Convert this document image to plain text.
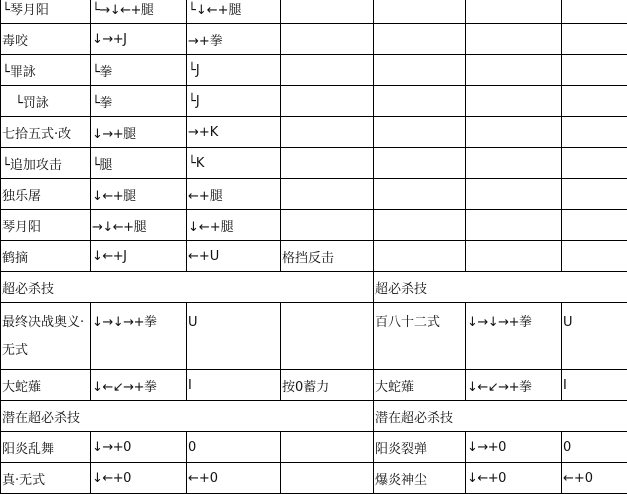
└琴月阳	└→↓←+腿	└↓←+腿				
毒咬	↓→+J	→+拳				
└罪詠	└拳	└J				
　└罚詠	└拳	└J				
七拾五式·改	↓→+腿	→+K				
└追加攻击	└腿	└K				
独乐屠	↓←+腿	←+腿				
琴月阳	→↓←+腿	↓←+腿				
鹤摘	↓←+J	←+U	格挡反击			
超必杀技				超必杀技		
最终决战奥义·无式	↓→↓→+拳	U		百八十二式	↓→↓→+拳	U
大蛇薙	↓←↙→+拳	I	按0蓄力	大蛇薙	↓←↙→+拳	I
潜在超必杀技				潜在超必杀技		
阳炎乱舞	↓→+0	0		阳炎裂弹	↓→+0	0
真·无式	↓←+0	←+0		爆炎神尘	↓←+0	←+0
